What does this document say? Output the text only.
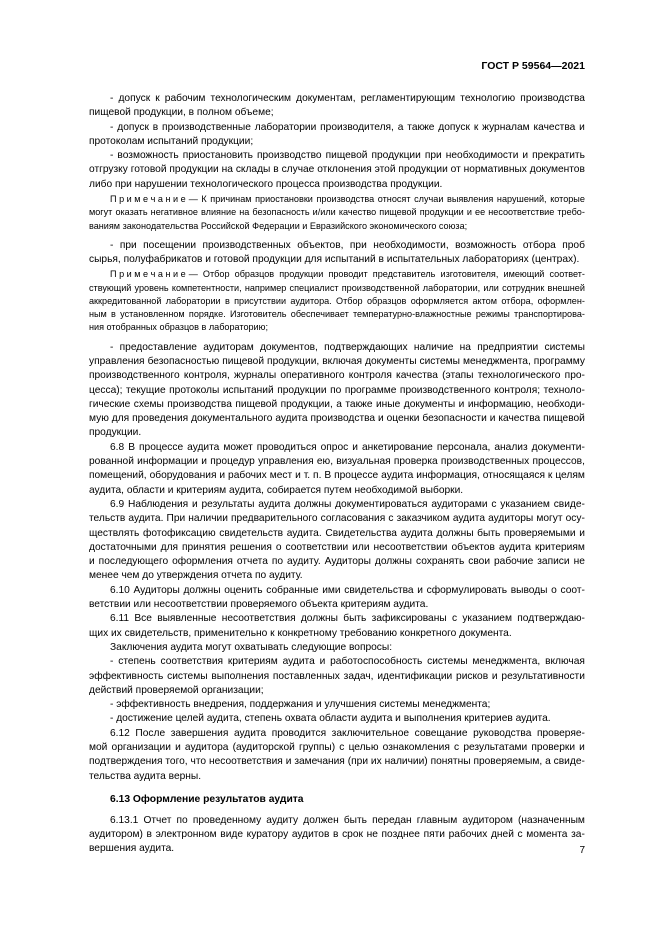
ГОСТ Р 59564—2021
- допуск к рабочим технологическим документам, регламентирующим технологию производства
пищевой продукции, в полном объеме;
- допуск в производственные лаборатории производителя, а также допуск к журналам качества и
протоколам испытаний продукции;
- возможность приостановить производство пищевой продукции при необходимости и прекратить
отгрузку готовой продукции на склады в случае отклонения этой продукции от нормативных документов
либо при нарушении технологического процесса производства продукции.
П р и м е ч а н и е — К причинам приостановки производства относят случаи выявления нарушений, которые
могут оказать негативное влияние на безопасность и/или качество пищевой продукции и ее несоответствие требо-
ваниям законодательства Российской Федерации и Евразийского экономического союза;
- при посещении производственных объектов, при необходимости, возможность отбора проб
сырья, полуфабрикатов и готовой продукции для испытаний в испытательных лабораториях (центрах).
П р и м е ч а н и е — Отбор образцов продукции проводит представитель изготовителя, имеющий соответ-
ствующий уровень компетентности, например специалист производственной лаборатории, или сотрудник внешней
аккредитованной лаборатории в присутствии аудитора. Отбор образцов оформляется актом отбора, оформлен-
ным в установленном порядке. Изготовитель обеспечивает температурно-влажностные режимы транспортирова-
ния отобранных образцов в лабораторию;
- предоставление аудиторам документов, подтверждающих наличие на предприятии системы
управления безопасностью пищевой продукции, включая документы системы менеджмента, программу
производственного контроля, журналы оперативного контроля качества (этапы технологического про-
цесса); текущие протоколы испытаний продукции по программе производственного контроля; техноло-
гические схемы производства пищевой продукции, а также иные документы и информацию, необходи-
мую для проведения документального аудита производства и оценки безопасности и качества пищевой
продукции.
6.8 В процессе аудита может проводиться опрос и анкетирование персонала, анализ документи-
рованной информации и процедур управления ею, визуальная проверка производственных процессов,
помещений, оборудования и рабочих мест и т. п. В процессе аудита информация, относящаяся к целям
аудита, области и критериям аудита, собирается путем необходимой выборки.
6.9 Наблюдения и результаты аудита должны документироваться аудиторами с указанием свиде-
тельств аудита. При наличии предварительного согласования с заказчиком аудита аудиторы могут осу-
ществлять фотофиксацию свидетельств аудита. Свидетельства аудита должны быть проверяемыми и
достаточными для принятия решения о соответствии или несоответствии объектов аудита критериям
и последующего оформления отчета по аудиту. Аудиторы должны сохранять свои рабочие записи не
менее чем до утверждения отчета по аудиту.
6.10 Аудиторы должны оценить собранные ими свидетельства и сформулировать выводы о соот-
ветствии или несоответствии проверяемого объекта критериям аудита.
6.11 Все выявленные несоответствия должны быть зафиксированы с указанием подтверждаю-
щих их свидетельств, применительно к конкретному требованию конкретного документа.
Заключения аудита могут охватывать следующие вопросы:
- степень соответствия критериям аудита и работоспособность системы менеджмента, включая
эффективность системы выполнения поставленных задач, идентификации рисков и результативности
действий проверяемой организации;
- эффективность внедрения, поддержания и улучшения системы менеджмента;
- достижение целей аудита, степень охвата области аудита и выполнения критериев аудита.
6.12 После завершения аудита проводится заключительное совещание руководства проверяе-
мой организации и аудитора (аудиторской группы) с целью ознакомления с результатами проверки и
подтверждения того, что несоответствия и замечания (при их наличии) понятны проверяемым, а свиде-
тельства аудита верны.
6.13 Оформление результатов аудита
6.13.1 Отчет по проведенному аудиту должен быть передан главным аудитором (назначенным
аудитором) в электронном виде куратору аудитов в срок не позднее пяти рабочих дней с момента за-
вершения аудита.	7
